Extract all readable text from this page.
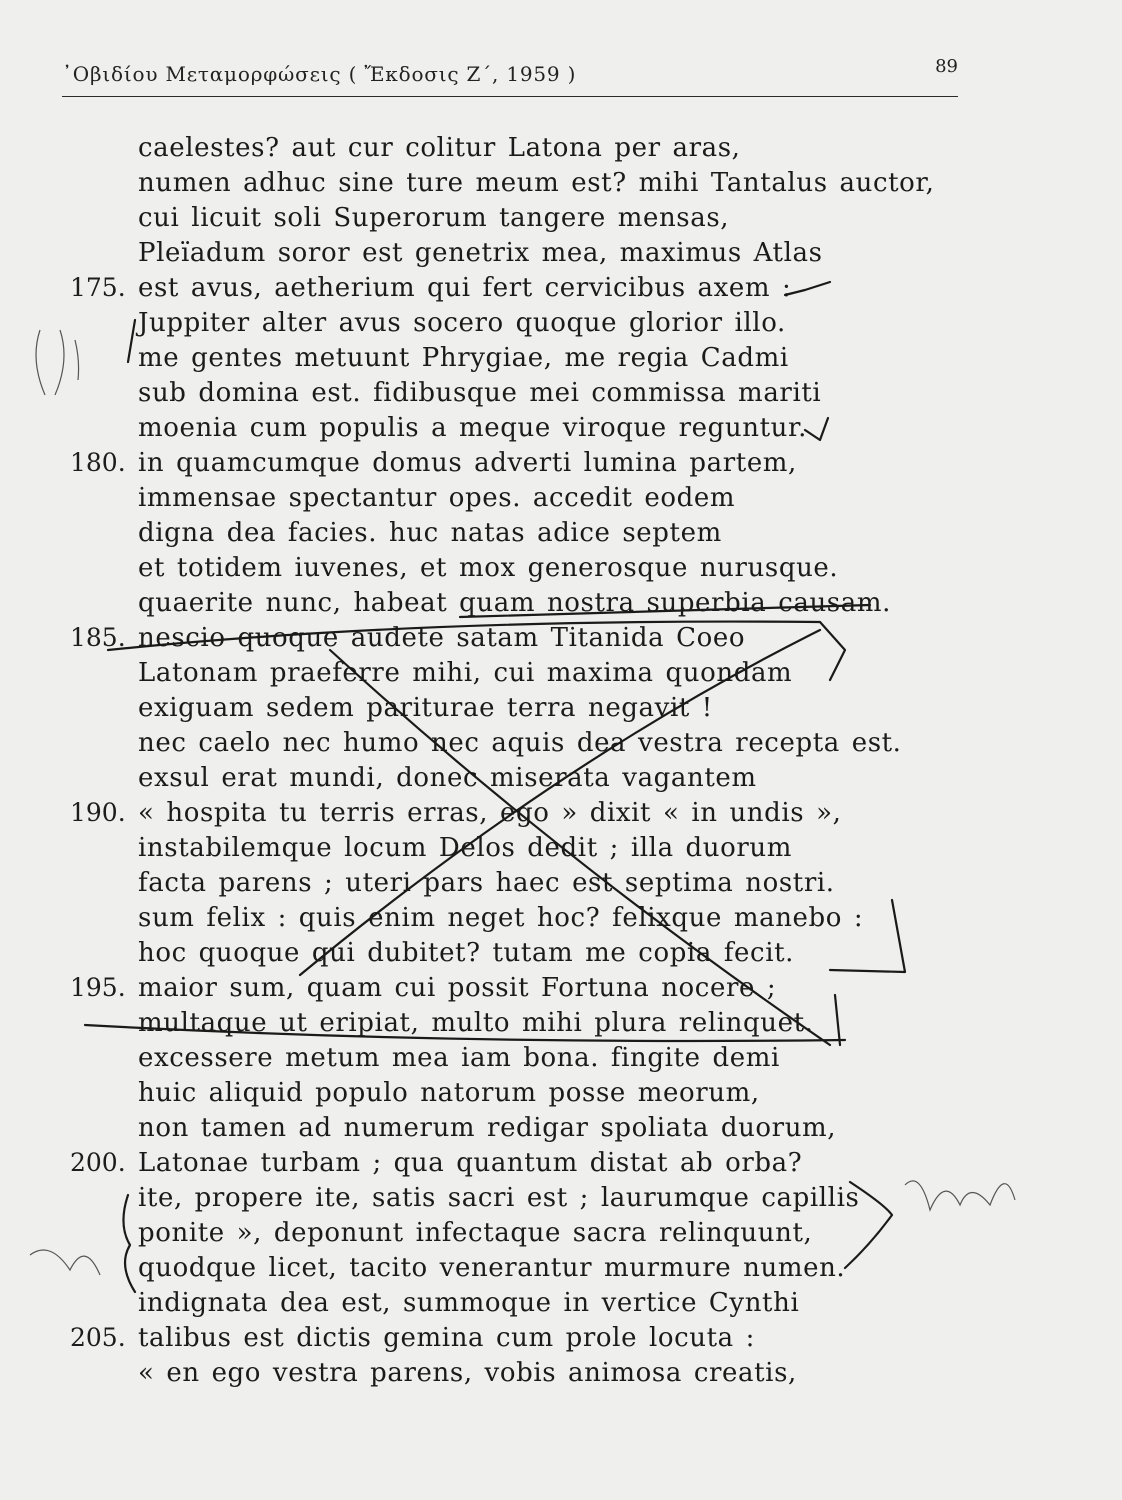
᾿Οβιδίου Μεταμορφώσεις ( Ἔκδοσις Ζ΄, 1959 )	89
caelestes? aut cur colitur Latona per aras,
numen adhuc sine ture meum est? mihi Tantalus auctor,
cui licuit soli Superorum tangere mensas,
Pleïadum soror est genetrix mea, maximus Atlas
175. est avus, aetherium qui fert cervicibus axem :
Juppiter alter avus socero quoque glorior illo.
me gentes metuunt Phrygiae, me regia Cadmi
sub domina est. fidibusque mei commissa mariti
moenia cum populis a meque viroque reguntur.
180. in quamcumque domus adverti lumina partem,
immensae spectantur opes. accedit eodem
digna dea facies. huc natas adice septem
et totidem iuvenes, et mox generosque nurusque.
quaerite nunc, habeat quam nostra superbia causam.
185. nescio quoque audete satam Titanida Coeo
Latonam praeferre mihi, cui maxima quondam
exiguam sedem pariturae terra negavit !
nec caelo nec humo nec aquis dea vestra recepta est.
exsul erat mundi, donec miserata vagantem
190. « hospita tu terris erras, ego » dixit « in undis »,
instabilemque locum Delos dedit ; illa duorum
facta parens ; uteri pars haec est septima nostri.
sum felix : quis enim neget hoc? felixque manebo :
hoc quoque qui dubitet? tutam me copia fecit.
195. maior sum, quam cui possit Fortuna nocere ;
multaque ut eripiat, multo mihi plura relinquet.
excessere metum mea iam bona. fingite demi
huic aliquid populo natorum posse meorum,
non tamen ad numerum redigar spoliata duorum,
200. Latonae turbam ; qua quantum distat ab orba?
ite, propere ite, satis sacri est ; laurumque capillis
ponite », deponunt infectaque sacra relinquunt,
quodque licet, tacito venerantur murmure numen.
indignata dea est, summoque in vertice Cynthi
205. talibus est dictis gemina cum prole locuta :
« en ego vestra parens, vobis animosa creatis,
